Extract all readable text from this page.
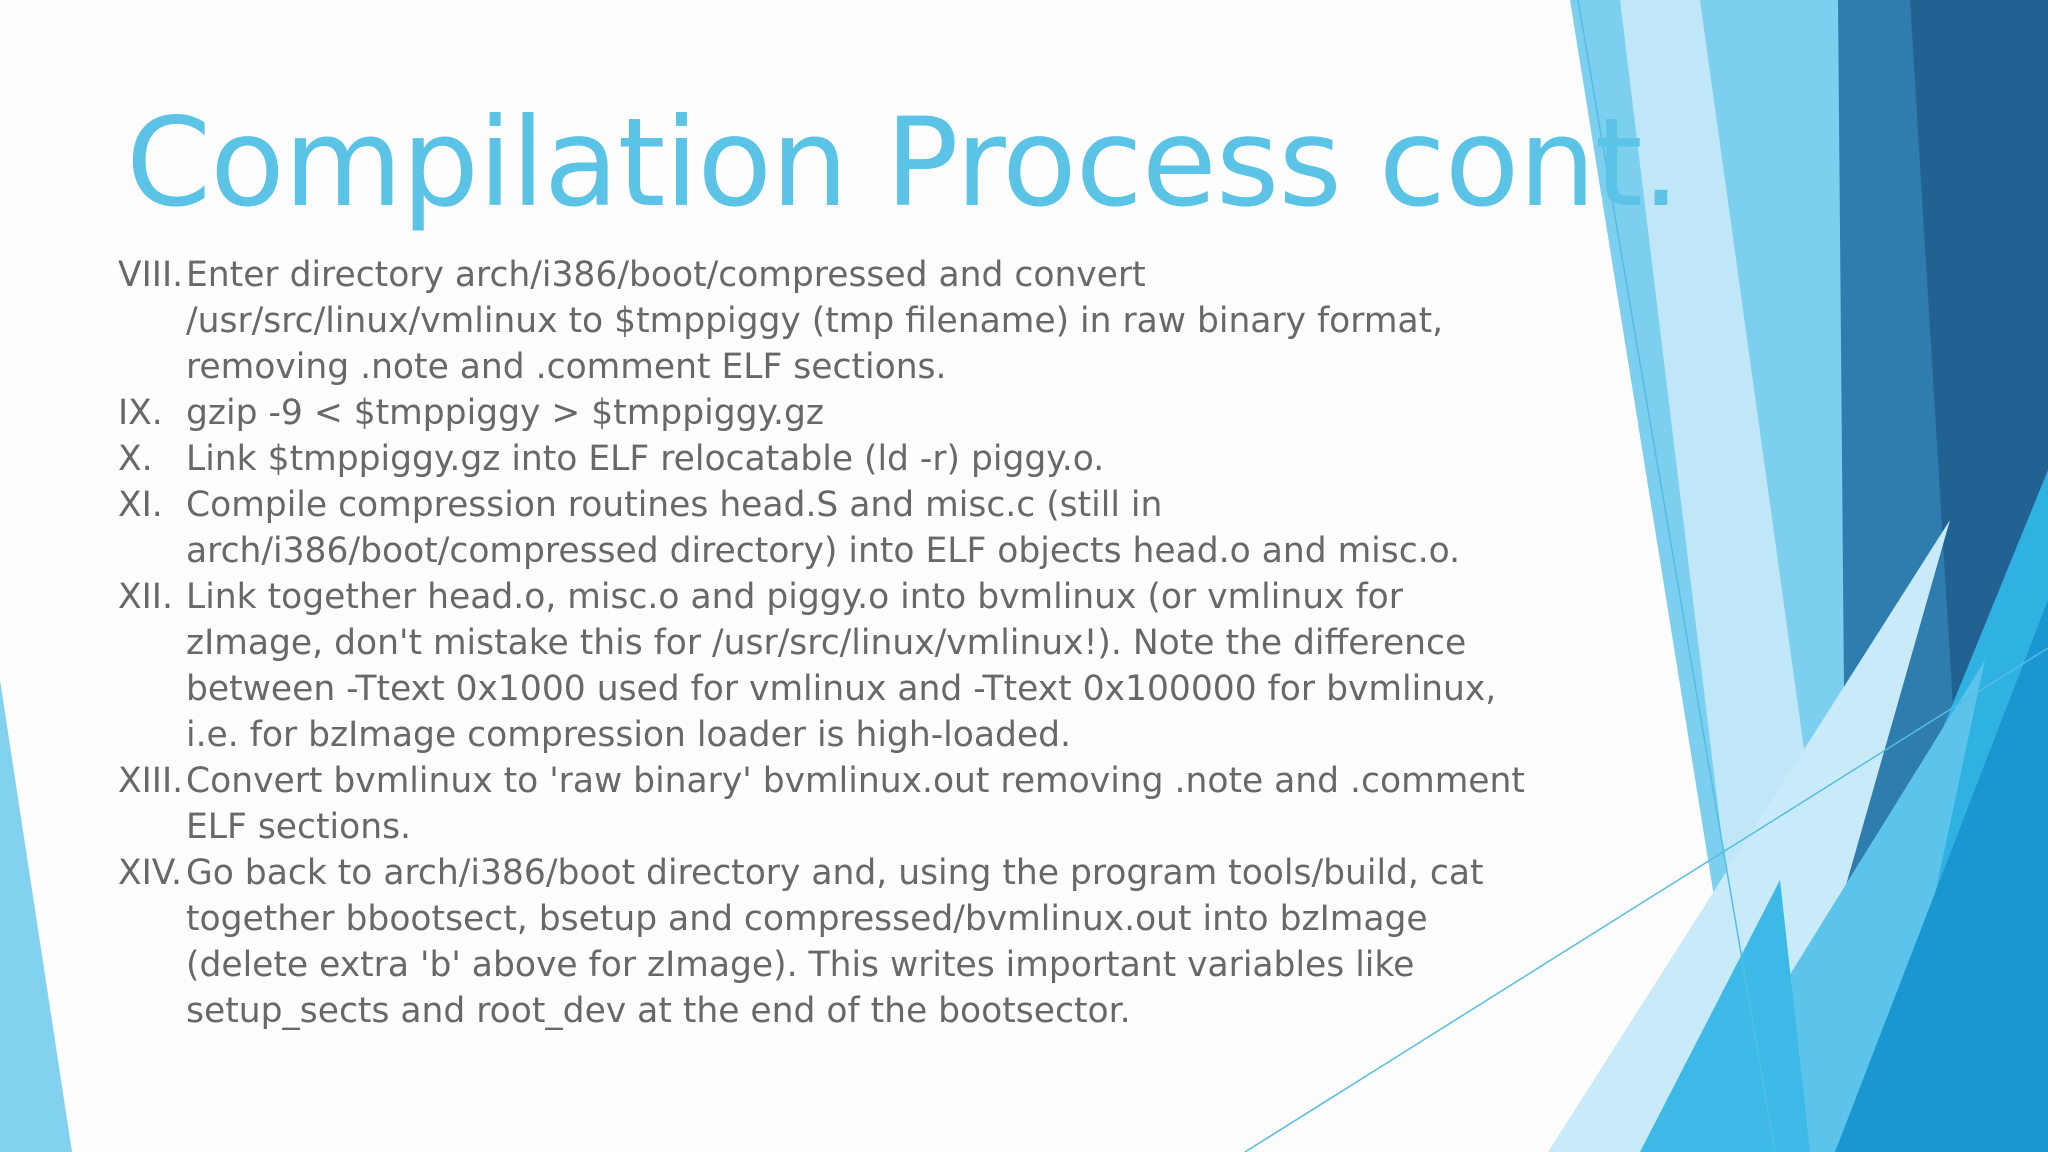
Compilation Process cont.
VIII. Enter directory arch/i386/boot/compressed and convert
/usr/src/linux/vmlinux to $tmppiggy (tmp filename) in raw binary format,
removing .note and .comment ELF sections.
IX. gzip -9 < $tmppiggy > $tmppiggy.gz
X. Link $tmppiggy.gz into ELF relocatable (ld -r) piggy.o.
XI. Compile compression routines head.S and misc.c (still in
arch/i386/boot/compressed directory) into ELF objects head.o and misc.o.
XII. Link together head.o, misc.o and piggy.o into bvmlinux (or vmlinux for
zImage, don't mistake this for /usr/src/linux/vmlinux!). Note the difference
between -Ttext 0x1000 used for vmlinux and -Ttext 0x100000 for bvmlinux,
i.e. for bzImage compression loader is high-loaded.
XIII. Convert bvmlinux to 'raw binary' bvmlinux.out removing .note and .comment
ELF sections.
XIV. Go back to arch/i386/boot directory and, using the program tools/build, cat
together bbootsect, bsetup and compressed/bvmlinux.out into bzImage
(delete extra 'b' above for zImage). This writes important variables like
setup_sects and root_dev at the end of the bootsector.
